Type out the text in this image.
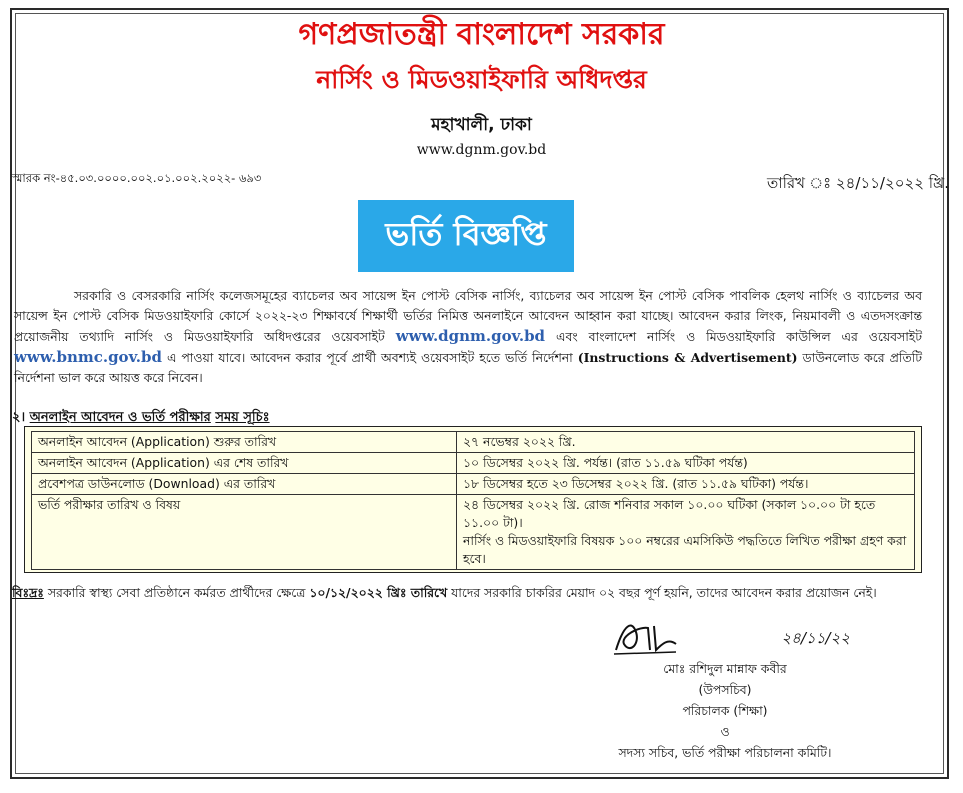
গণপ্রজাতন্ত্রী বাংলাদেশ সরকার
নার্সিং ও মিডওয়াইফারি অধিদপ্তর
মহাখালী, ঢাকা
www.dgnm.gov.bd
স্মারক নং-৪৫.০৩.০০০০.০০২.০১.০০২.২০২২- ৬৯৩	তারিখ ঃ ২৪/১১/২০২২ খ্রি.
ভর্তি বিজ্ঞপ্তি
সরকারি ও বেসরকারি নার্সিং কলেজসমূহের ব্যাচেলর অব সায়েন্স ইন পোস্ট বেসিক নার্সিং, ব্যাচেলর অব সায়েন্স ইন পোস্ট বেসিক পাবলিক হেলথ নার্সিং ও ব্যাচেলর অব সায়েন্স ইন পোস্ট বেসিক মিডওয়াইফারি কোর্সে ২০২২-২৩ শিক্ষাবর্ষে শিক্ষার্থী ভর্তির নিমিত্ত অনলাইনে আবেদন আহ্বান করা যাচ্ছে। আবেদন করার লিংক, নিয়মাবলী ও এতদসংক্রান্ত প্রয়োজনীয় তথ্যাদি নার্সিং ও মিডওয়াইফারি অধিদপ্তরের ওয়েবসাইট www.dgnm.gov.bd এবং বাংলাদেশ নার্সিং ও মিডওয়াইফারি কাউন্সিল এর ওয়েবসাইট www.bnmc.gov.bd এ পাওয়া যাবে। আবেদন করার পূর্বে প্রার্থী অবশ্যই ওয়েবসাইট হতে ভর্তি নির্দেশনা (Instructions & Advertisement) ডাউনলোড করে প্রতিটি নির্দেশনা ভাল করে আয়ত্ত করে নিবেন।
২। অনলাইন আবেদন ও ভর্তি পরীক্ষার সময় সূচিঃ
অনলাইন আবেদন (Application) শুরুর তারিখ	২৭ নভেম্বর ২০২২ খ্রি.
অনলাইন আবেদন (Application) এর শেষ তারিখ	১০ ডিসেম্বর ২০২২ খ্রি. পর্যন্ত। (রাত ১১.৫৯ ঘটিকা পর্যন্ত)
প্রবেশপত্র ডাউনলোড (Download) এর তারিখ	১৮ ডিসেম্বর হতে ২৩ ডিসেম্বর ২০২২ খ্রি. (রাত ১১.৫৯ ঘটিকা) পর্যন্ত।
ভর্তি পরীক্ষার তারিখ ও বিষয়	২৪ ডিসেম্বর ২০২২ খ্রি. রোজ শনিবার সকাল ১০.০০ ঘটিকা (সকাল ১০.০০ টা হতে ১১.০০ টা)।
নার্সিং ও মিডওয়াইফারি বিষয়ক ১০০ নম্বরের এমসিকিউ পদ্ধতিতে লিখিত পরীক্ষা গ্রহণ করা হবে।
বিঃদ্রঃ সরকারি স্বাস্থ্য সেবা প্রতিষ্ঠানে কর্মরত প্রার্থীদের ক্ষেত্রে ১০/১২/২০২২ খ্রিঃ তারিখে যাদের সরকারি চাকরির মেয়াদ ০২ বছর পূর্ণ হয়নি, তাদের আবেদন করার প্রয়োজন নেই।
২৪/১১/২২
মোঃ রশিদুল মান্নাফ কবীর
(উপসচিব)
পরিচালক (শিক্ষা)
ও
সদস্য সচিব, ভর্তি পরীক্ষা পরিচালনা কমিটি।
